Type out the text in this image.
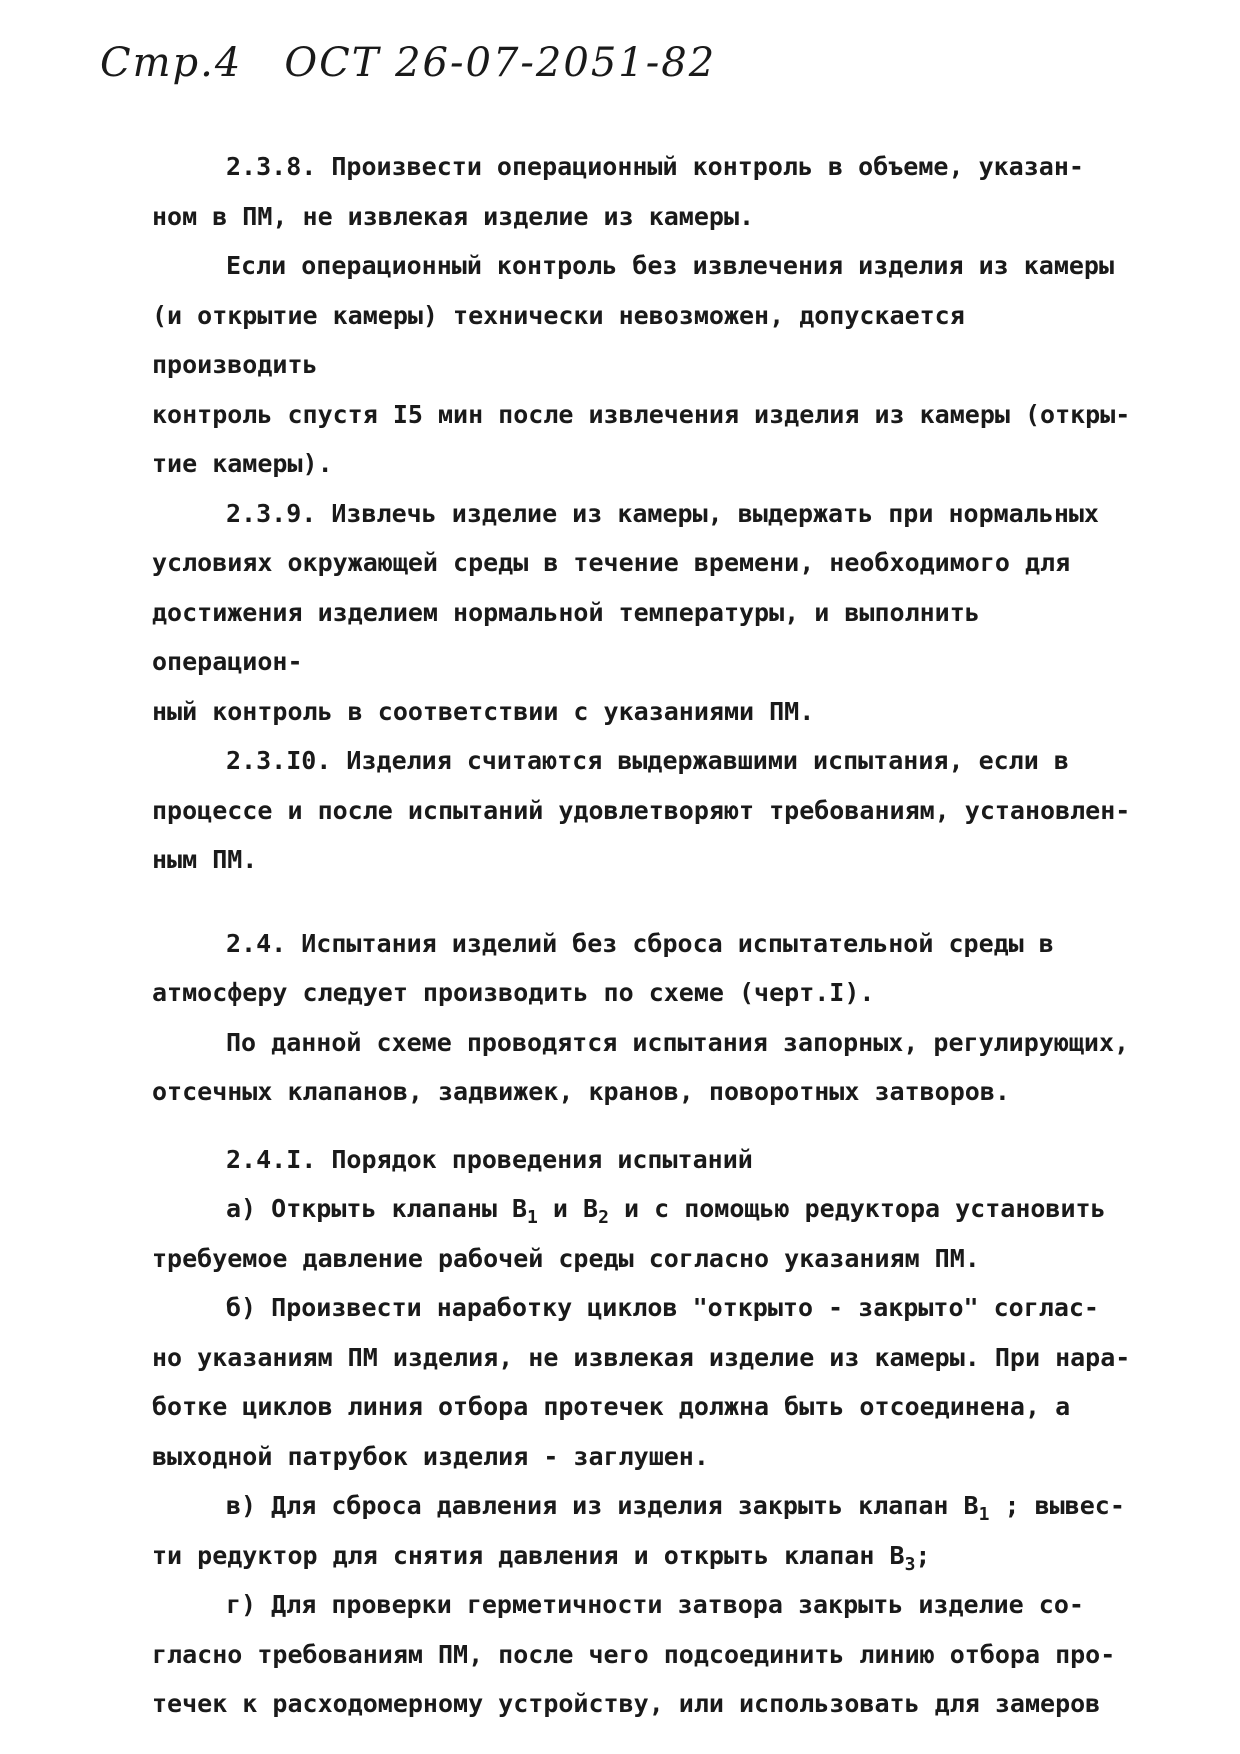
Стр.4 ОСТ 26-07-2051-82

2.3.8. Произвести операционный контроль в объеме, указан-

ном в ПМ, не извлекая изделие из камеры.

Если операционный контроль без извлечения изделия из камеры

(и открытие камеры) технически невозможен, допускается производить

контроль спустя I5 мин после извлечения изделия из камеры (откры-

тие камеры).

2.3.9. Извлечь изделие из камеры, выдержать при нормальных

условиях окружающей среды в течение времени, необходимого для

достижения изделием нормальной температуры, и выполнить операцион-

ный контроль в соответствии с указаниями ПМ.

2.3.I0. Изделия считаются выдержавшими испытания, если в

процессе и после испытаний удовлетворяют требованиям, установлен-

ным ПМ.

2.4. Испытания изделий без сброса испытательной среды в

атмосферу следует производить по схеме (черт.I).

По данной схеме проводятся испытания запорных, регулирующих,

отсечных клапанов, задвижек, кранов, поворотных затворов.

2.4.I. Порядок проведения испытаний

а) Открыть клапаны $В_1$ и $В_2$ и с помощью редуктора установить

требуемое давление рабочей среды согласно указаниям ПМ.

б) Произвести наработку циклов "открыто - закрыто" соглас-

но указаниям ПМ изделия, не извлекая изделие из камеры. При нара-

ботке циклов линия отбора протечек должна быть отсоединена, а

выходной патрубок изделия - заглушен.

в) Для сброса давления из изделия закрыть клапан $В_1$ ; вывес-

ти редуктор для снятия давления и открыть клапан $В_3$;

г) Для проверки герметичности затвора закрыть изделие со-

гласно требованиям ПМ, после чего подсоединить линию отбора про-

течек к расходомерному устройству, или использовать для замеров
